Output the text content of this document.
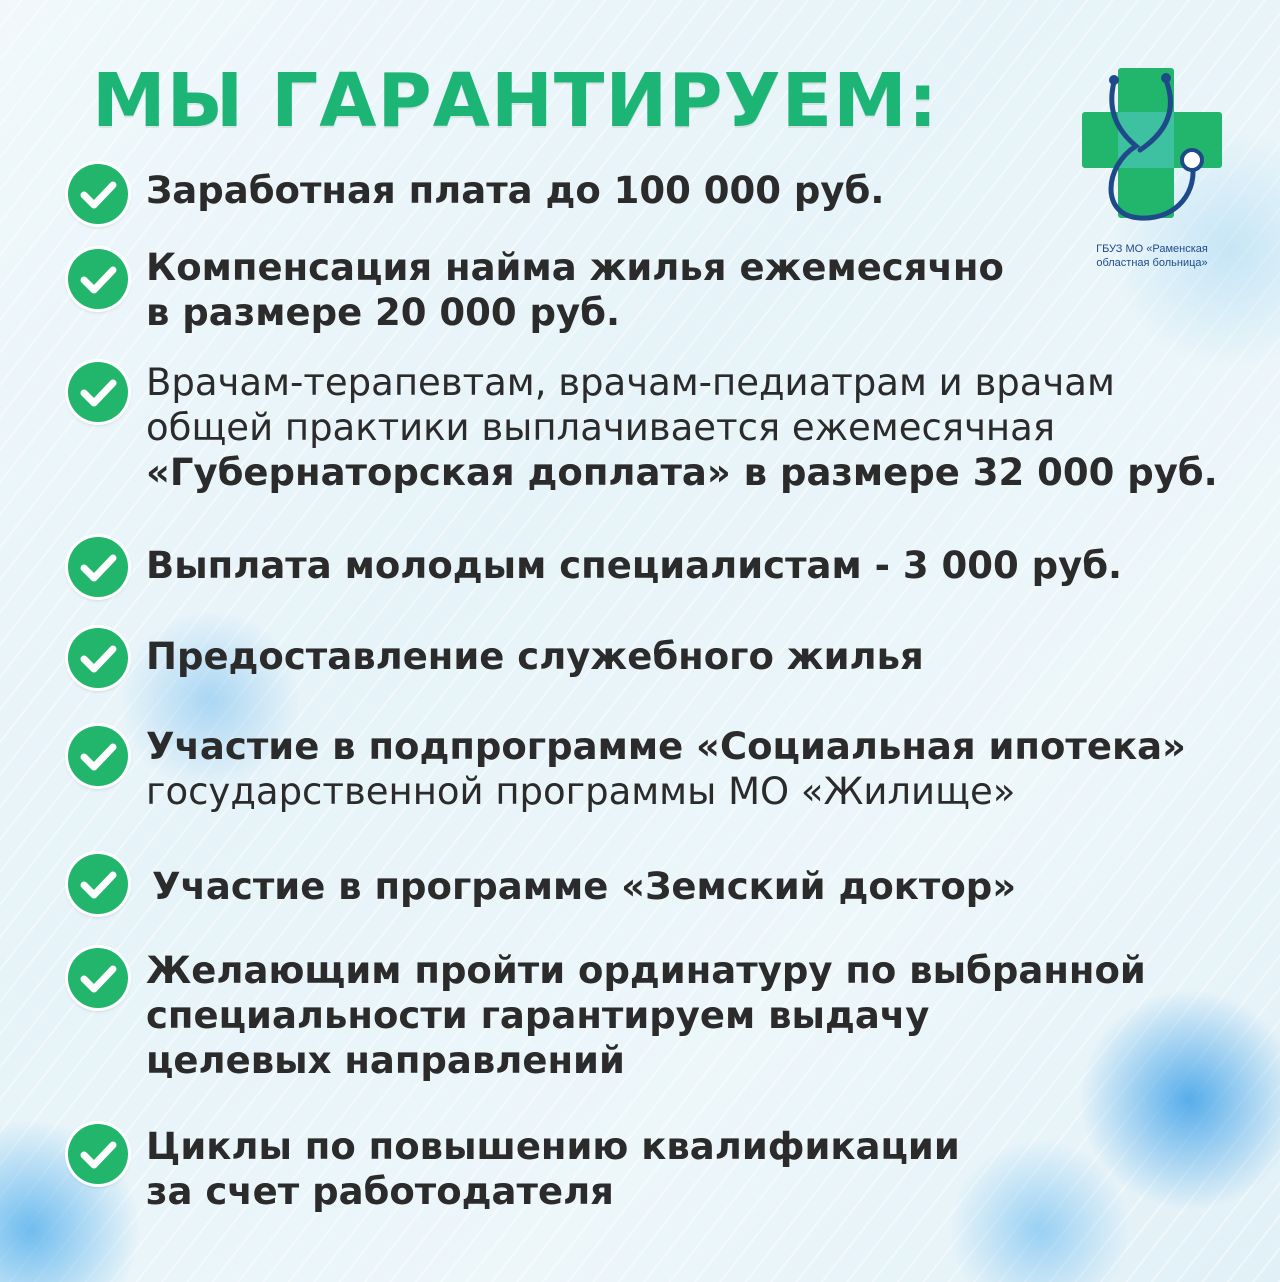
МЫ ГАРАНТИРУЕМ:
ГБУЗ МО «Раменская
областная больница»

Заработная плата до 100 000 руб.

Компенсация найма жилья ежемесячно
в размере 20 000 руб.

Врачам-терапевтам, врачам-педиатрам и врачам
общей практики выплачивается ежемесячная
«Губернаторская доплата» в размере 32 000 руб.

Выплата молодым специалистам - 3 000 руб.

Предоставление служебного жилья

Участие в подпрограмме «Социальная ипотека»
государственной программы МО «Жилище»

Участие в программе «Земский доктор»

Желающим пройти ординатуру по выбранной
специальности гарантируем выдачу
целевых направлений

Циклы по повышению квалификации
за счет работодателя
